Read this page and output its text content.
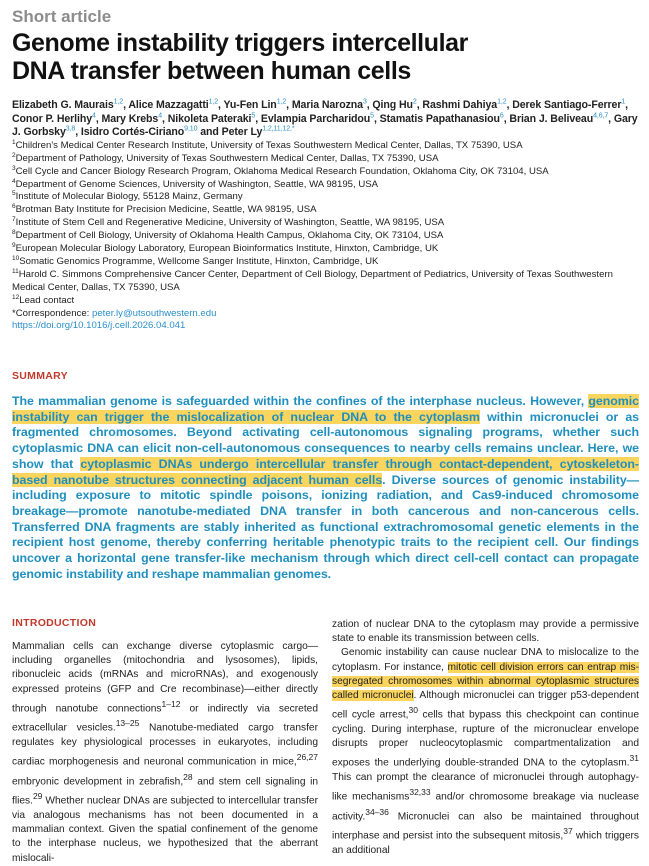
Short article
Genome instability triggers intercellular DNA transfer between human cells
Elizabeth G. Maurais$^{1,2}$ , Alice Mazzagatti$^{1,2}$ , Yu-Fen Lin$^{1,2}$ , Maria Narozna$^3$ , Qing Hu$^2$ , Rashmi Dahiya$^{1,2}$ , Derek Santiago-Ferrer$^1$ , Conor P. Herlihy$^4$ , Mary Krebs$^4$ , Nikoleta Pateraki$^5$ , Evlampia Parcharidou$^5$ , Stamatis Papathanasiou$^6$ , Brian J. Beliveau$^{4,6,7}$ , Gary J. Gorbsky$^{3,8}$ , Isidro Cortés-Ciriano$^{9,10}$ and Peter $Ly^{1,2,11,12,*}$
$^1$Children's Medical Center Research Institute, University of Texas Southwestern Medical Center, Dallas, TX 75390, USA
$^2$Department of Pathology, University of Texas Southwestern Medical Center, Dallas, TX 75390, USA
$^3$Cell Cycle and Cancer Biology Research Program, Oklahoma Medical Research Foundation, Oklahoma City, OK 73104, USA
$^4$Department of Genome Sciences, University of Washington, Seattle, WA 98195, USA
$^5$Institute of Molecular Biology, 55128 Mainz, Germany
$^6$Brotman Baty Institute for Precision Medicine, Seattle, WA 98195, USA
$^7$Institute of Stem Cell and Regenerative Medicine, University of Washington, Seattle, WA 98195, USA
$^8$Department of Cell Biology, University of Oklahoma Health Campus, Oklahoma City, OK 73104, USA
$^9$European Molecular Biology Laboratory, European Bioinformatics Institute, Hinxton, Cambridge, UK
$^{10}$Somatic Genomics Programme, Wellcome Sanger Institute, Hinxton, Cambridge, UK
$^{11}$Harold C. Simmons Comprehensive Cancer Center, Department of Cell Biology, Department of Pediatrics, University of Texas Southwestern Medical Center, Dallas, TX 75390, USA
$^{12}$Lead contact
*Correspondence: peter.ly@utsouthwestern.edu
https://doi.org/10.1016/j.cell.2026.04.041
SUMMARY
The mammalian genome is safeguarded within the confines of the interphase nucleus. However, genomic instability can trigger the mislocalization of nuclear DNA to the cytoplasm within micronuclei or as fragmented chromosomes. Beyond activating cell-autonomous signaling programs, whether such cytoplasmic DNA can elicit non-cell-autonomous consequences to nearby cells remains unclear. Here, we show that cytoplasmic DNAs undergo intercellular transfer through contact-dependent, cytoskeleton-based nanotube structures connecting adjacent human cells. Diverse sources of genomic instability—including exposure to mitotic spindle poisons, ionizing radiation, and Cas9-induced chromosome breakage—promote nanotube-mediated DNA transfer in both cancerous and non-cancerous cells. Transferred DNA fragments are stably inherited as functional extrachromosomal genetic elements in the recipient host genome, thereby conferring heritable phenotypic traits to the recipient cell. Our findings uncover a horizontal gene transfer-like mechanism through which direct cell-cell contact can propagate genomic instability and reshape mammalian genomes.
INTRODUCTION

Mammalian cells can exchange diverse cytoplasmic cargo—including organelles (mitochondria and lysosomes), lipids, ribonucleic acids (mRNAs and microRNAs), and exogenously expressed proteins (GFP and Cre recombinase)—either directly through nanotube connections$^{1-12}$ or indirectly via secreted extracellular vesicles.$^{13-25}$ Nanotube-mediated cargo transfer regulates key physiological processes in eukaryotes, including cardiac morphogenesis and neuronal communication in mice,$^{26,27}$ embryonic development in zebrafish,$^{28}$ and stem cell signaling in flies.$^{29}$ Whether nuclear DNAs are subjected to intercellular transfer via analogous mechanisms has not been documented in a mammalian context. Given the spatial confinement of the genome to the interphase nucleus, we hypothesized that the aberrant mislocali-

zation of nuclear DNA to the cytoplasm may provide a permissive state to enable its transmission between cells.

Genomic instability can cause nuclear DNA to mislocalize to the cytoplasm. For instance, mitotic cell division errors can entrap mis-segregated chromosomes within abnormal cytoplasmic structures called micronuclei. Although micronuclei can trigger p53-dependent cell cycle arrest,$^{30}$ cells that bypass this checkpoint can continue cycling. During interphase, rupture of the micronuclear envelope disrupts proper nucleocytoplasmic compartmentalization and exposes the underlying double-stranded DNA to the cytoplasm.$^{31}$ This can prompt the clearance of micronuclei through autophagy-like mechanisms$^{32,33}$ and/or chromosome breakage via nuclease activity.$^{34-36}$ Micronuclei can also be maintained throughout interphase and persist into the subsequent mitosis,$^{37}$ which triggers an additional
